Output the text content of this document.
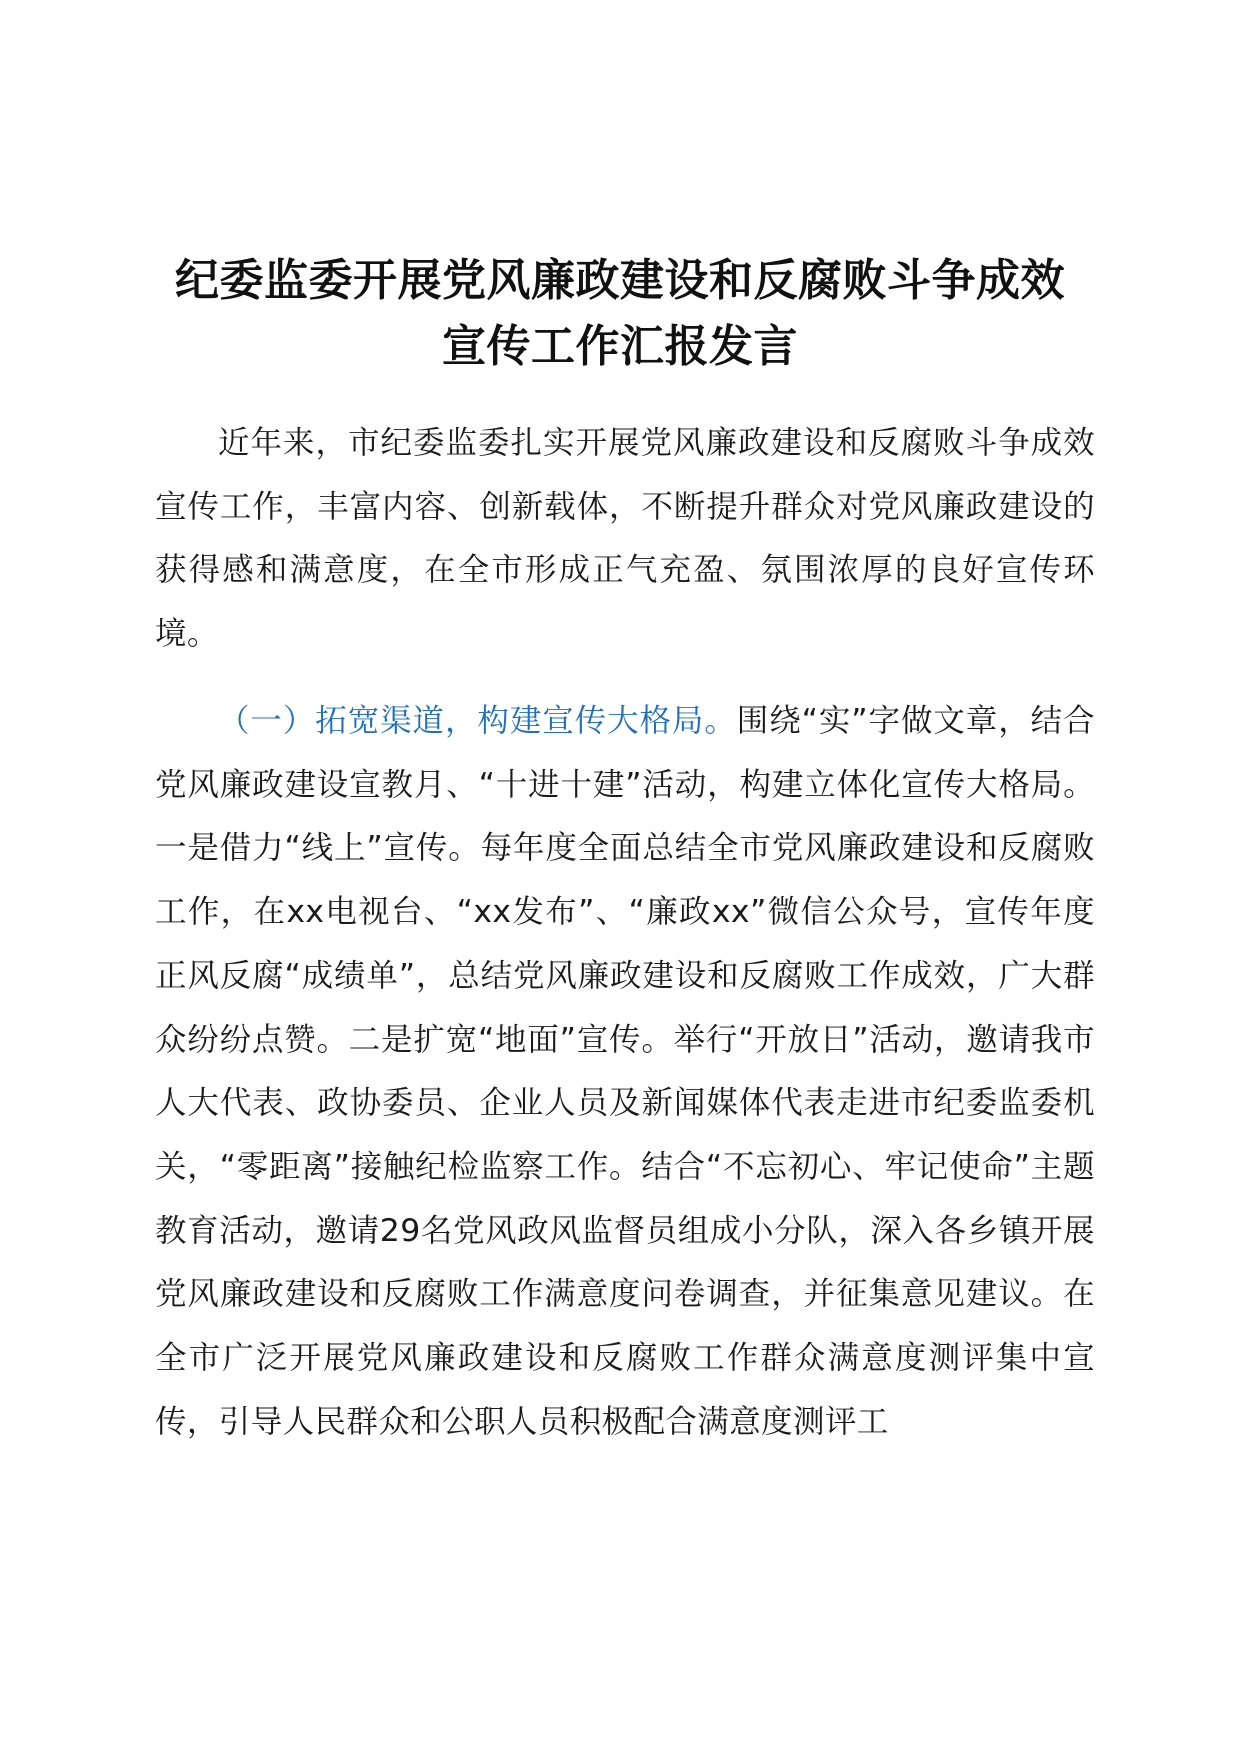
纪委监委开展党风廉政建设和反腐败斗争成效
宣传工作汇报发言

近年来，市纪委监委扎实开展党风廉政建设和反腐败斗争成效宣传工作，丰富内容、创新载体，不断提升群众对党风廉政建设的获得感和满意度，在全市形成正气充盈、氛围浓厚的良好宣传环境。

（一）拓宽渠道，构建宣传大格局。围绕“实”字做文章，结合党风廉政建设宣教月、“十进十建”活动，构建立体化宣传大格局。一是借力“线上”宣传。每年度全面总结全市党风廉政建设和反腐败工作，在xx电视台、“xx发布”、“廉政xx”微信公众号，宣传年度正风反腐“成绩单”，总结党风廉政建设和反腐败工作成效，广大群众纷纷点赞。二是扩宽“地面”宣传。举行“开放日”活动，邀请我市人大代表、政协委员、企业人员及新闻媒体代表走进市纪委监委机关，“零距离”接触纪检监察工作。结合“不忘初心、牢记使命”主题教育活动，邀请29名党风政风监督员组成小分队，深入各乡镇开展党风廉政建设和反腐败工作满意度问卷调查，并征集意见建议。在全市广泛开展党风廉政建设和反腐败工作群众满意度测评集中宣传，引导人民群众和公职人员积极配合满意度测评工
